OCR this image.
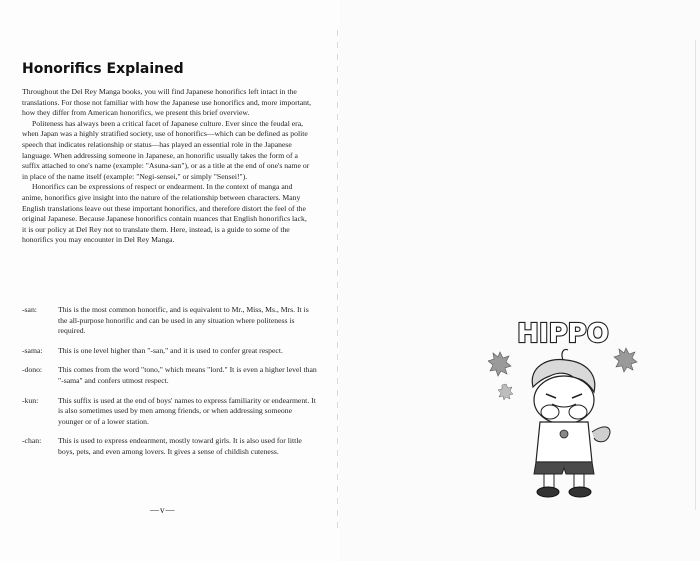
Honorifics Explained

Throughout the Del Rey Manga books, you will find Japanese honorifics left intact in the translations. For those not familiar with how the Japanese use honorifics and, more important, how they differ from American honorifics, we present this brief overview.

Politeness has always been a critical facet of Japanese culture. Ever since the feudal era, when Japan was a highly stratified society, use of honorifics—which can be defined as polite speech that indicates relationship or status—has played an essential role in the Japanese language. When addressing someone in Japanese, an honorific usually takes the form of a suffix attached to one's name (example: "Asuna-san"), or as a title at the end of one's name or in place of the name itself (example: "Negi-sensei," or simply "Sensei!").

Honorifics can be expressions of respect or endearment. In the context of manga and anime, honorifics give insight into the nature of the relationship between characters. Many English translations leave out these important honorifics, and therefore distort the feel of the original Japanese. Because Japanese honorifics contain nuances that English honorifics lack, it is our policy at Del Rey not to translate them. Here, instead, is a guide to some of the honorifics you may encounter in Del Rey Manga.

-san:	This is the most common honorific, and is equivalent to Mr., Miss, Ms., Mrs. It is the all-purpose honorific and can be used in any situation where politeness is required.
-sama:	This is one level higher than "-san," and it is used to confer great respect.
-dono:	This comes from the word "tono," which means "lord." It is even a higher level than "-sama" and confers utmost respect.
-kun:	This suffix is used at the end of boys' names to express familiarity or endearment. It is also sometimes used by men among friends, or when addressing someone younger or of a lower station.
-chan:	This is used to express endearment, mostly toward girls. It is also used for little boys, pets, and even among lovers. It gives a sense of childish cuteness.
—v—
HIPPO
